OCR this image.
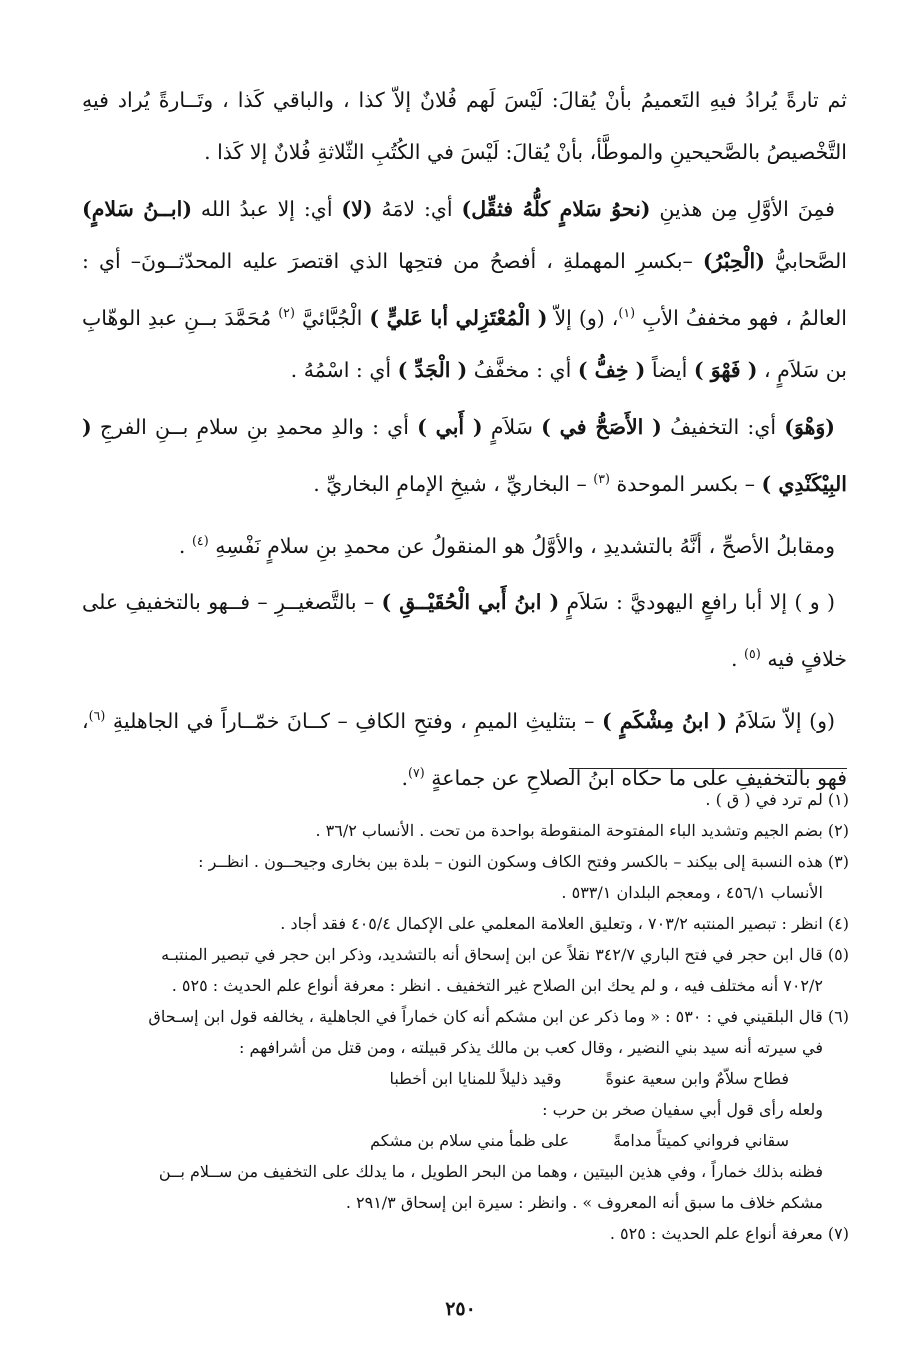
ثم تارةً يُرادُ فيهِ التَعميمُ بأنْ يُقالَ: لَيْسَ لَهم فُلانٌ إلاّ كذا ، والباقي كَذا ، وتَــارةً يُراد فيهِ التَّخْصيصُ بالصَّحيحينِ والموطَّأ، بأنْ يُقالَ: لَيْسَ في الكُتُبِ الثّلاثةِ فُلانٌ إلا كَذا .

فمِنَ الأوَّلِ مِن هذينِ (نحوُ سَلامٍ كلُّهُ فثقِّل) أي: لامَهُ (لا) أي: إلا عبدُ الله (ابــنُ سَلامٍ) الصَّحابيُّ (الْحِبْرُ) –بكسرِ المهملةِ ، أفصحُ من فتحِها الذي اقتصرَ عليه المحدّثــونَ– أي : العالمُ ، فهو مخففُ الأبِ $^{(١)}$، (و) إلاّ ( الْمُعْتَزِلي أبا عَليٍّ ) الْجُبَّائيَّ $^{(٢)}$ مُحَمَّدَ بــنِ عبدِ الوهّابِ بن سَلاَمٍ ، ( فَهْوَ ) أيضاً ( خِفُّ ) أي : مخفَّفُ ( الْجَدِّ ) أي : اسْمُهُ .

(وَهْوَ) أي: التخفيفُ ( الأَصَحُّ في ) سَلاَمٍ ( أَبي ) أي : والدِ محمدِ بنِ سلامِ بــنِ الفرجِ ( البِيْكَنْدِي ) – بكسر الموحدة $^{(٣)}$ – البخاريِّ ، شيخِ الإمامِ البخاريِّ .

ومقابلُ الأصحِّ ، أنَّهُ بالتشديدِ ، والأوَّلُ هو المنقولُ عن محمدِ بنِ سلامٍ نَفْسِهِ $^{(٤)}$ .

( و ) إلا أبا رافعٍ اليهوديَّ : سَلاَمٍ ( ابنُ أَبي الْحُقَيْــقِ ) – بالتَّصغيــرِ – فــهو بالتخفيفِ على خلافٍ فيه $^{(٥)}$ .

(و) إلاّ سَلاَمُ ( ابنُ مِشْكَمٍ ) – بتثليثِ الميمِ ، وفتحِ الكافِ – كــانَ خمّــاراً في الجاهليةِ $^{(٦)}$، فهو بالتخفيفِ على ما حكاه ابنُ الصلاحِ عن جماعةٍ $^{(٧)}$.

(١) لم ترد في ( ق ) .

(٢) بضم الجيم وتشديد الباء المفتوحة المنقوطة بواحدة من تحت . الأنساب ٣٦/٢ .

(٣) هذه النسبة إلى بيكند – بالكسر وفتح الكاف وسكون النون – بلدة بين بخارى وجيحــون . انظــر :

الأنساب ٤٥٦/١ ، ومعجم البلدان ٥٣٣/١ .

(٤) انظر : تبصير المنتبه ٧٠٣/٢ ، وتعليق العلامة المعلمي على الإكمال ٤٠٥/٤ فقد أجاد .

(٥) قال ابن حجر في فتح الباري ٣٤٢/٧ نقلاً عن ابن إسحاق أنه بالتشديد، وذكر ابن حجر في تبصير المنتبـه

٧٠٢/٢ أنه مختلف فيه ، و لم يحك ابن الصلاح غير التخفيف . انظر : معرفة أنواع علم الحديث : ٥٢٥ .

(٦) قال البلقيني في : ٥٣٠ : « وما ذكر عن ابن مشكم أنه كان خماراً في الجاهلية ، يخالفه قول ابن إسـحاق

في سيرته أنه سيد بني النضير ، وقال كعب بن مالك يذكر قبيلته ، ومن قتل من أشرافهم :

فطاح سلاّمٌ وابن سعية عنوةً
وقيد ذليلاً للمنايا ابن أخطبا

ولعله رأى قول أبي سفيان صخر بن حرب :

سقاني فرواني كميتاً مدامةً
على ظمأ مني سلام بن مشكم

فظنه بذلك خماراً ، وفي هذين البيتين ، وهما من البحر الطويل ، ما يدلك على التخفيف من ســلام بــن

مشكم خلاف ما سبق أنه المعروف » . وانظر : سيرة ابن إسحاق ٢٩١/٣ .

(٧) معرفة أنواع علم الحديث : ٥٢٥ .

٢٥٠
